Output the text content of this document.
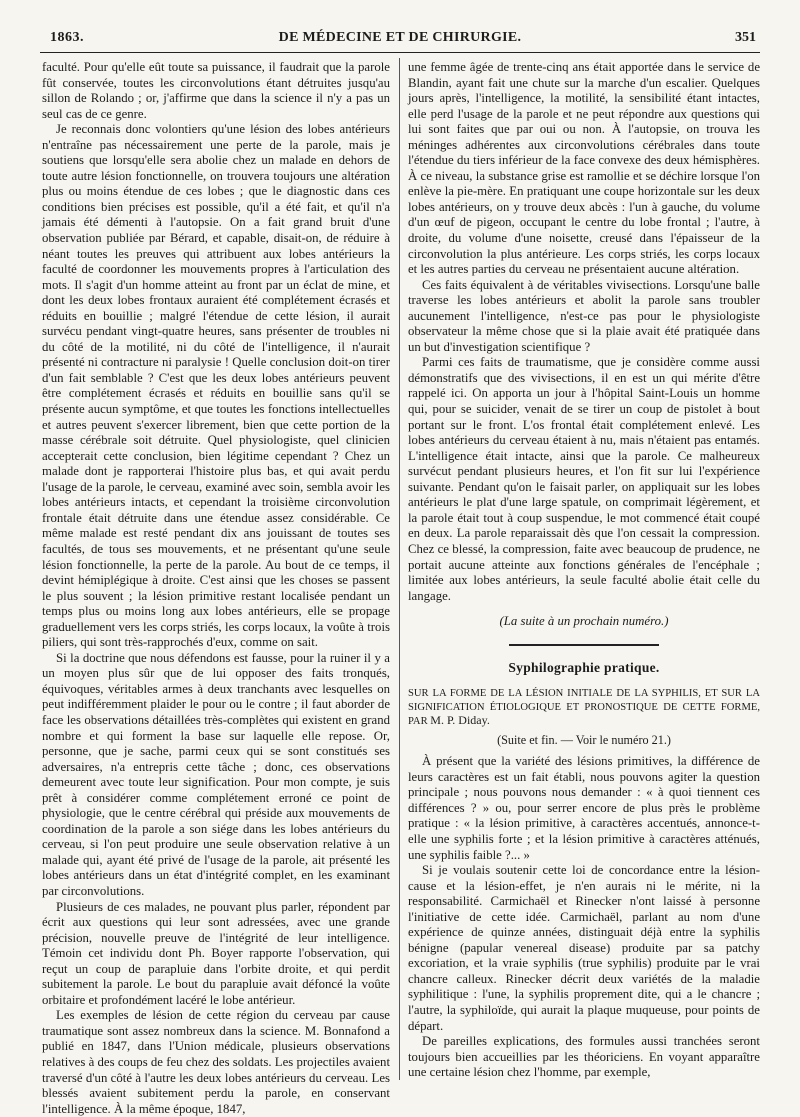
1863.	DE MÉDECINE ET DE CHIRURGIE.	351

faculté. Pour qu'elle eût toute sa puissance, il faudrait que la parole fût conservée, toutes les circonvolutions étant détruites jusqu'au sillon de Rolando ; or, j'affirme que dans la science il n'y a pas un seul cas de ce genre.

Je reconnais donc volontiers qu'une lésion des lobes antérieurs n'entraîne pas nécessairement une perte de la parole, mais je soutiens que lorsqu'elle sera abolie chez un malade en dehors de toute autre lésion fonctionnelle, on trouvera toujours une altération plus ou moins étendue de ces lobes ; que le diagnostic dans ces conditions bien précises est possible, qu'il a été fait, et qu'il n'a jamais été démenti à l'autopsie. On a fait grand bruit d'une observation publiée par Bérard, et capable, disait-on, de réduire à néant toutes les preuves qui attribuent aux lobes antérieurs la faculté de coordonner les mouvements propres à l'articulation des mots. Il s'agit d'un homme atteint au front par un éclat de mine, et dont les deux lobes frontaux auraient été complétement écrasés et réduits en bouillie ; malgré l'étendue de cette lésion, il aurait survécu pendant vingt-quatre heures, sans présenter de troubles ni du côté de la motilité, ni du côté de l'intelligence, il n'aurait présenté ni contracture ni paralysie ! Quelle conclusion doit-on tirer d'un fait semblable ? C'est que les deux lobes antérieurs peuvent être complétement écrasés et réduits en bouillie sans qu'il se présente aucun symptôme, et que toutes les fonctions intellectuelles et autres peuvent s'exercer librement, bien que cette portion de la masse cérébrale soit détruite. Quel physiologiste, quel clinicien accepterait cette conclusion, bien légitime cependant ? Chez un malade dont je rapporterai l'histoire plus bas, et qui avait perdu l'usage de la parole, le cerveau, examiné avec soin, sembla avoir les lobes antérieurs intacts, et cependant la troisième circonvolution frontale était détruite dans une étendue assez considérable. Ce même malade est resté pendant dix ans jouissant de toutes ses facultés, de tous ses mouvements, et ne présentant qu'une seule lésion fonctionnelle, la perte de la parole. Au bout de ce temps, il devint hémiplégique à droite. C'est ainsi que les choses se passent le plus souvent ; la lésion primitive restant localisée pendant un temps plus ou moins long aux lobes antérieurs, elle se propage graduellement vers les corps striés, les corps locaux, la voûte à trois piliers, qui sont très-rapprochés d'eux, comme on sait.

Si la doctrine que nous défendons est fausse, pour la ruiner il y a un moyen plus sûr que de lui opposer des faits tronqués, équivoques, véritables armes à deux tranchants avec lesquelles on peut indifféremment plaider le pour ou le contre ; il faut aborder de face les observations détaillées très-complètes qui existent en grand nombre et qui forment la base sur laquelle elle repose. Or, personne, que je sache, parmi ceux qui se sont constitués ses adversaires, n'a entrepris cette tâche ; donc, ces observations demeurent avec toute leur signification. Pour mon compte, je suis prêt à considérer comme complétement erroné ce point de physiologie, que le centre cérébral qui préside aux mouvements de coordination de la parole a son siége dans les lobes antérieurs du cerveau, si l'on peut produire une seule observation relative à un malade qui, ayant été privé de l'usage de la parole, ait présenté les lobes antérieurs dans un état d'intégrité complet, en les examinant par circonvolutions.

Plusieurs de ces malades, ne pouvant plus parler, répondent par écrit aux questions qui leur sont adressées, avec une grande précision, nouvelle preuve de l'intégrité de leur intelligence. Témoin cet individu dont Ph. Boyer rapporte l'observation, qui reçut un coup de parapluie dans l'orbite droite, et qui perdit subitement la parole. Le bout du parapluie avait défoncé la voûte orbitaire et profondément lacéré le lobe antérieur.

Les exemples de lésion de cette région du cerveau par cause traumatique sont assez nombreux dans la science. M. Bonnafond a publié en 1847, dans l'Union médicale, plusieurs observations relatives à des coups de feu chez des soldats. Les projectiles avaient traversé d'un côté à l'autre les deux lobes antérieurs du cerveau. Les blessés avaient subitement perdu la parole, en conservant l'intelligence. À la même époque, 1847,

une femme âgée de trente-cinq ans était apportée dans le service de Blandin, ayant fait une chute sur la marche d'un escalier. Quelques jours après, l'intelligence, la motilité, la sensibilité étant intactes, elle perd l'usage de la parole et ne peut répondre aux questions qui lui sont faites que par oui ou non. À l'autopsie, on trouva les méninges adhérentes aux circonvolutions cérébrales dans toute l'étendue du tiers inférieur de la face convexe des deux hémisphères. À ce niveau, la substance grise est ramollie et se déchire lorsque l'on enlève la pie-mère. En pratiquant une coupe horizontale sur les deux lobes antérieurs, on y trouve deux abcès : l'un à gauche, du volume d'un œuf de pigeon, occupant le centre du lobe frontal ; l'autre, à droite, du volume d'une noisette, creusé dans l'épaisseur de la circonvolution la plus antérieure. Les corps striés, les corps locaux et les autres parties du cerveau ne présentaient aucune altération.

Ces faits équivalent à de véritables vivisections. Lorsqu'une balle traverse les lobes antérieurs et abolit la parole sans troubler aucunement l'intelligence, n'est-ce pas pour le physiologiste observateur la même chose que si la plaie avait été pratiquée dans un but d'investigation scientifique ?

Parmi ces faits de traumatisme, que je considère comme aussi démonstratifs que des vivisections, il en est un qui mérite d'être rappelé ici. On apporta un jour à l'hôpital Saint-Louis un homme qui, pour se suicider, venait de se tirer un coup de pistolet à bout portant sur le front. L'os frontal était complétement enlevé. Les lobes antérieurs du cerveau étaient à nu, mais n'étaient pas entamés. L'intelligence était intacte, ainsi que la parole. Ce malheureux survécut pendant plusieurs heures, et l'on fit sur lui l'expérience suivante. Pendant qu'on le faisait parler, on appliquait sur les lobes antérieurs le plat d'une large spatule, on comprimait légèrement, et la parole était tout à coup suspendue, le mot commencé était coupé en deux. La parole reparaissait dès que l'on cessait la compression. Chez ce blessé, la compression, faite avec beaucoup de prudence, ne portait aucune atteinte aux fonctions générales de l'encéphale ; limitée aux lobes antérieurs, la seule faculté abolie était celle du langage.

(La suite à un prochain numéro.)

Syphilographie pratique.

SUR LA FORME DE LA LÉSION INITIALE DE LA SYPHILIS, ET SUR LA SIGNIFICATION ÉTIOLOGIQUE ET PRONOSTIQUE DE CETTE FORME, PAR M. P. Diday.

(Suite et fin. — Voir le numéro 21.)

À présent que la variété des lésions primitives, la différence de leurs caractères est un fait établi, nous pouvons agiter la question principale ; nous pouvons nous demander : « à quoi tiennent ces différences ? » ou, pour serrer encore de plus près le problème pratique : « la lésion primitive, à caractères accentués, annonce-t-elle une syphilis forte ; et la lésion primitive à caractères atténués, une syphilis faible ?... »

Si je voulais soutenir cette loi de concordance entre la lésion-cause et la lésion-effet, je n'en aurais ni le mérite, ni la responsabilité. Carmichaël et Rinecker n'ont laissé à personne l'initiative de cette idée. Carmichaël, parlant au nom d'une expérience de quinze années, distinguait déjà entre la syphilis bénigne (papular venereal disease) produite par sa patchy excoriation, et la vraie syphilis (true syphilis) produite par le vrai chancre calleux. Rinecker décrit deux variétés de la maladie syphilitique : l'une, la syphilis proprement dite, qui a le chancre ; l'autre, la syphiloïde, qui aurait la plaque muqueuse, pour points de départ.

De pareilles explications, des formules aussi tranchées seront toujours bien accueillies par les théoriciens. En voyant apparaître une certaine lésion chez l'homme, par exemple,
